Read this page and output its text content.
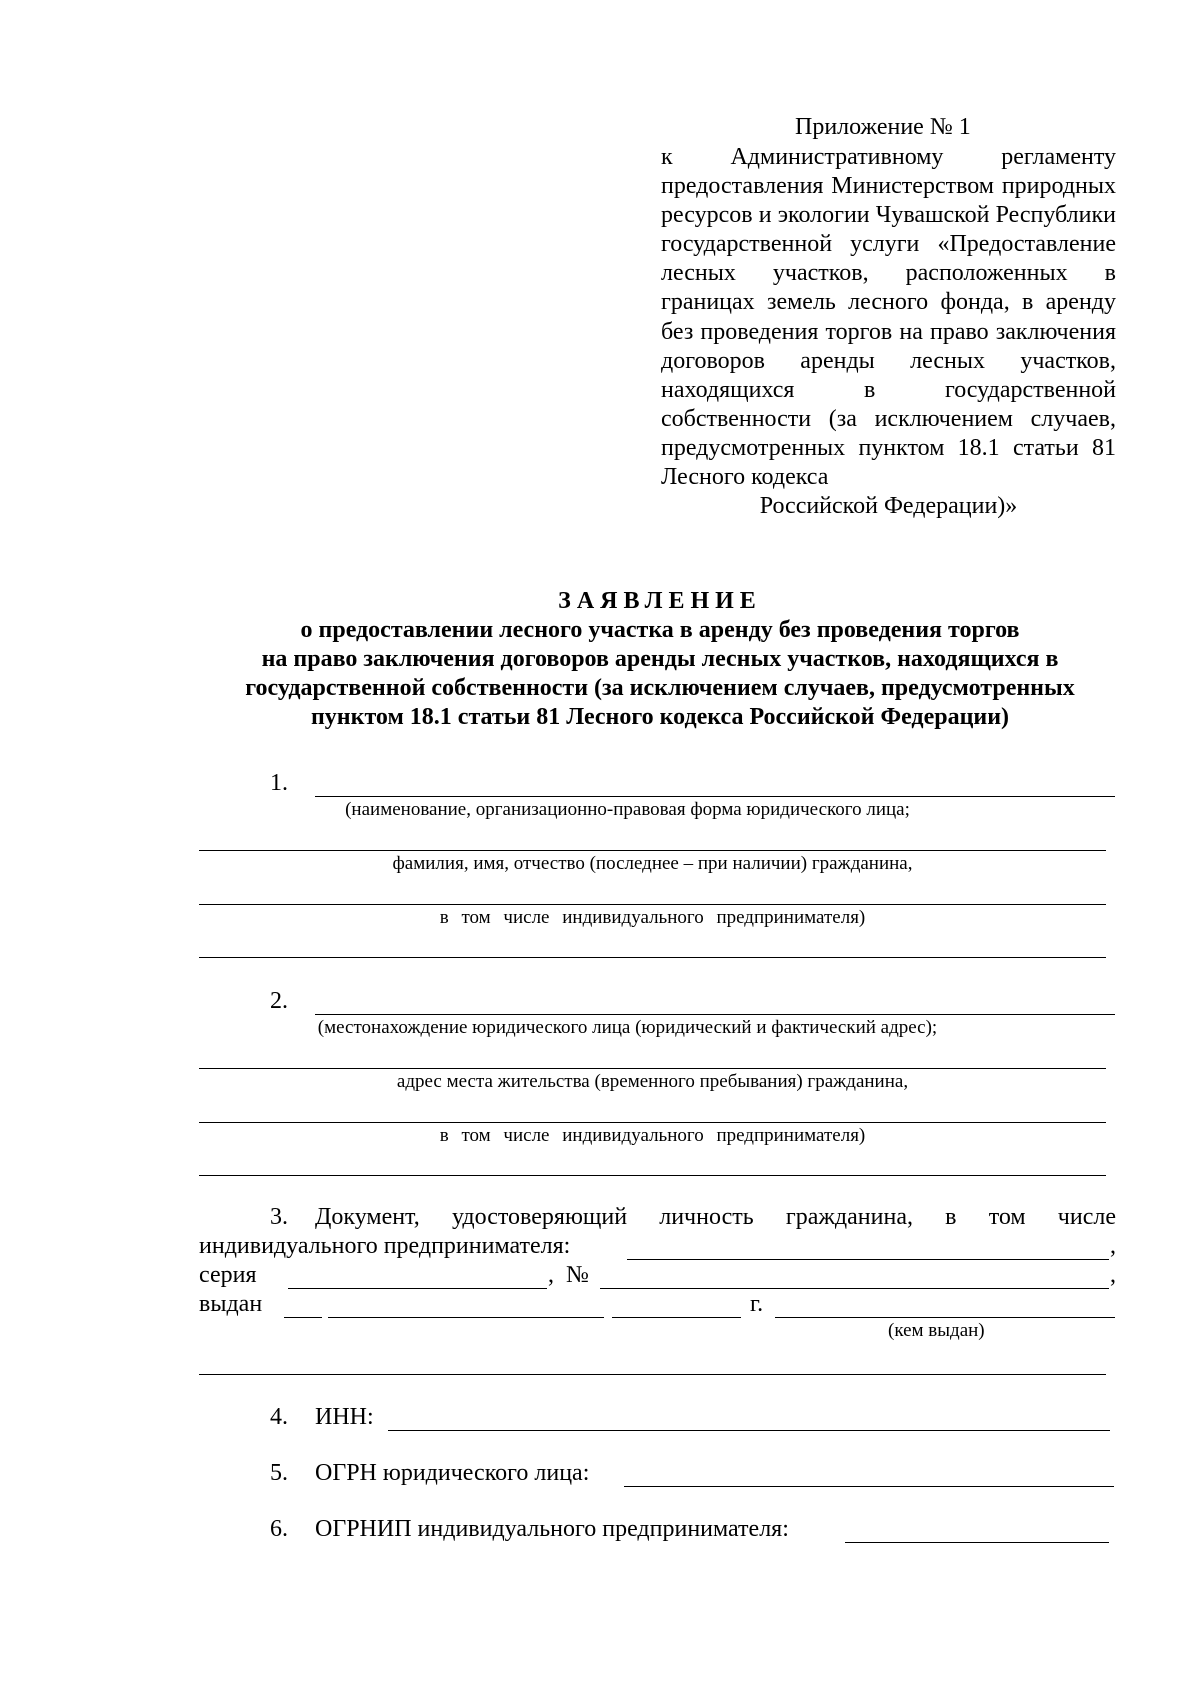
Приложение № 1
к Административному регламенту предоставления Министерством природных ресурсов и экологии Чувашской Республики государственной услуги «Предоставление лесных участков, расположенных в границах земель лесного фонда, в аренду без проведения торгов на право заключения договоров аренды лесных участков, находящихся в государственной собственности (за исключением случаев, предусмотренных пунктом 18.1 статьи 81 Лесного кодекса
Российской Федерации)»
ЗАЯВЛЕНИЕ
о предоставлении лесного участка в аренду без проведения торгов
на право заключения договоров аренды лесных участков, находящихся в
государственной собственности (за исключением случаев, предусмотренных
пунктом 18.1 статьи 81 Лесного кодекса Российской Федерации)
1.
(наименование, организационно-правовая форма юридического лица;
фамилия, имя, отчество (последнее – при наличии) гражданина,
в том числе индивидуального предпринимателя)
2.
(местонахождение юридического лица (юридический и фактический адрес);
адрес места жительства (временного пребывания) гражданина,
в том числе индивидуального предпринимателя)
3. Документ, удостоверяющий личность гражданина, в том числе
индивидуального предпринимателя:	,
серия	, №	,
выдан	г.
(кем выдан)
4. ИНН:
5. ОГРН юридического лица:
6. ОГРНИП индивидуального предпринимателя:
